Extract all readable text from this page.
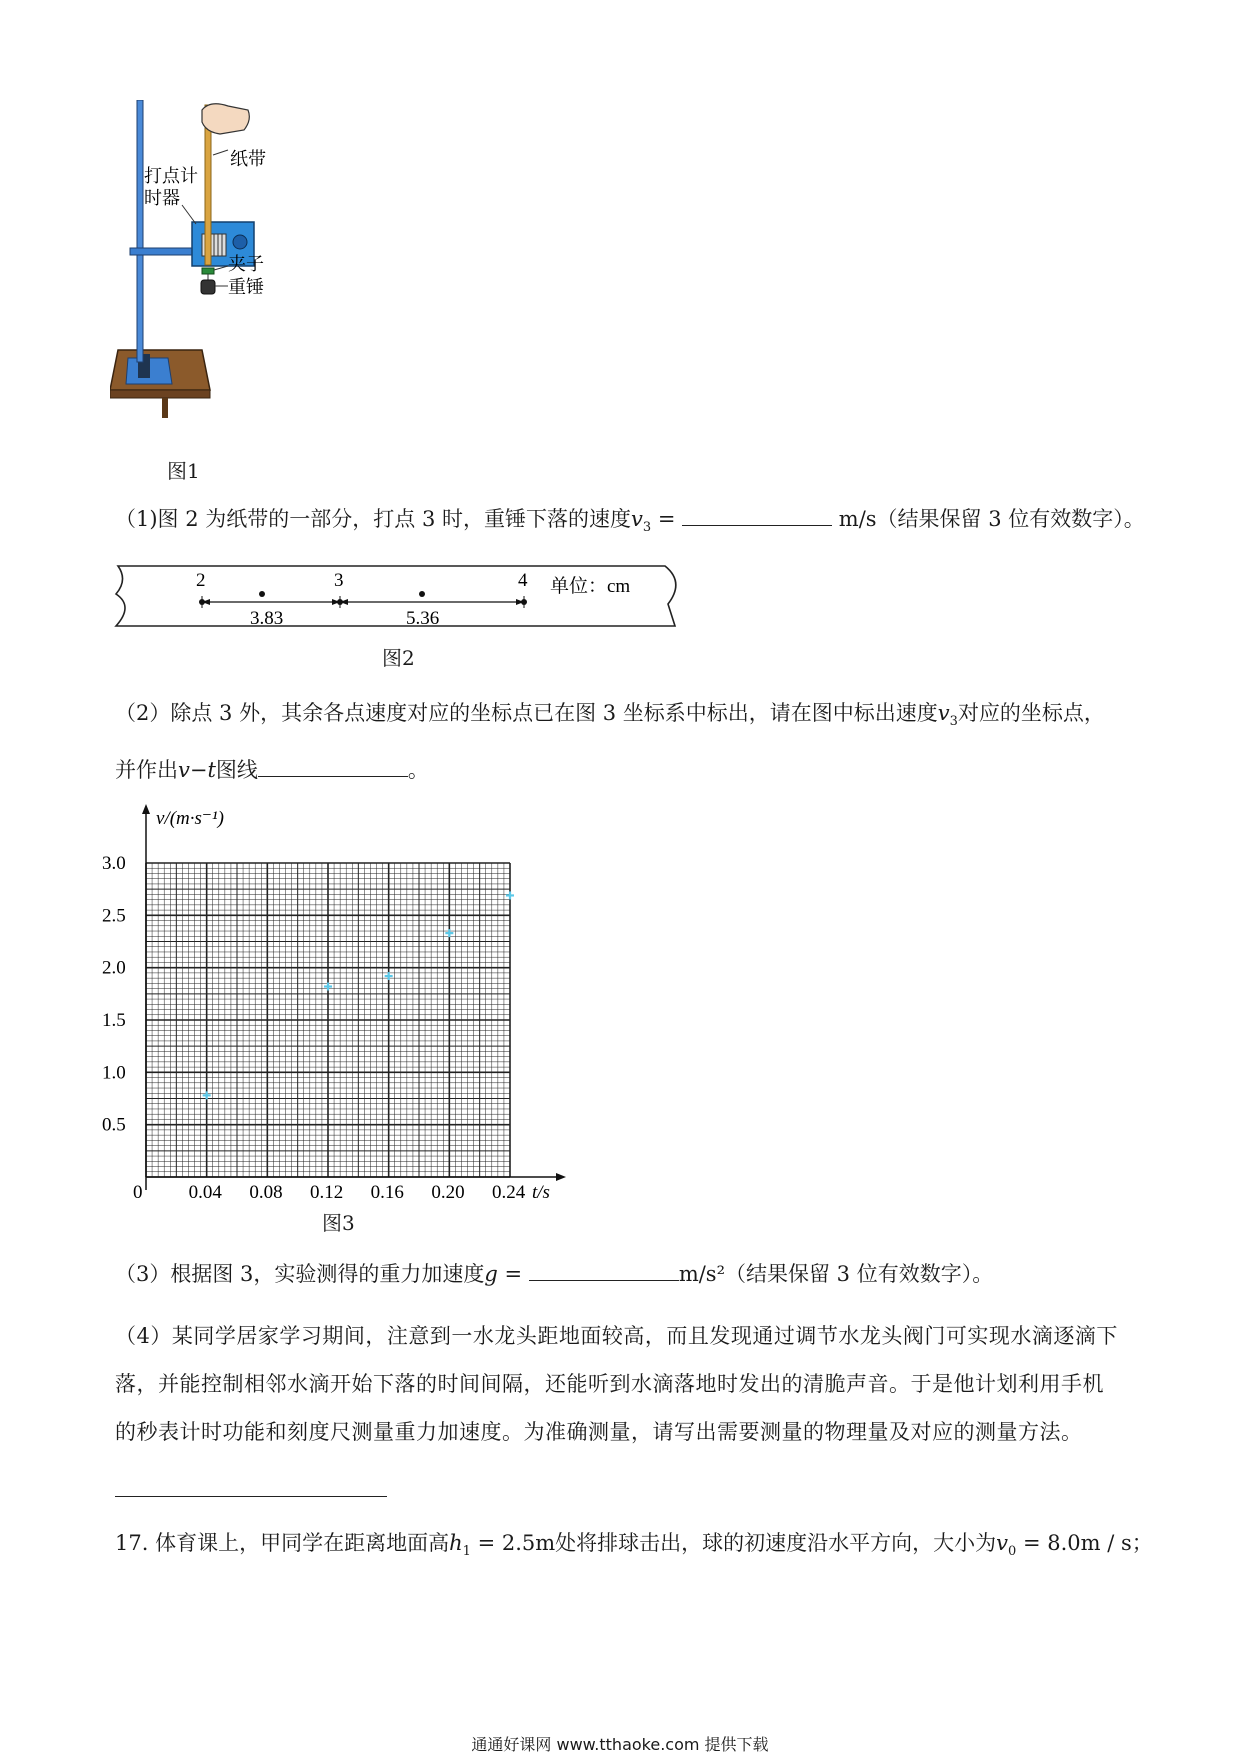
纸带
打点计
时器
夹子
重锤
图1
（1)图 2 为纸带的一部分，打点 3 时，重锤下落的速度$v_3$ =	m/s（结果保留 3 位有效数字）。
2	3	4
3.83	5.36
单位：cm
图2
（2）除点 3 外，其余各点速度对应的坐标点已在图 3 坐标系中标出，请在图中标出速度$v_3$对应的坐标点，
并作出v−t图线	。
v/(m·s⁻¹)
t/s
0
3.0
2.5
2.0
1.5
1.0
0.5
0.04 0.08 0.12 0.16 0.20 0.24
图3
（3）根据图 3，实验测得的重力加速度g =	m/s²（结果保留 3 位有效数字）。
（4）某同学居家学习期间，注意到一水龙头距地面较高，而且发现通过调节水龙头阀门可实现水滴逐滴下
落，并能控制相邻水滴开始下落的时间间隔，还能听到水滴落地时发出的清脆声音。于是他计划利用手机
的秒表计时功能和刻度尺测量重力加速度。为准确测量，请写出需要测量的物理量及对应的测量方法。
17. 体育课上，甲同学在距离地面高$h_1 = 2.5m$处将排球击出，球的初速度沿水平方向，大小为$v_0 = 8.0m / s$；
通通好课网 www.tthaoke.com 提供下载
